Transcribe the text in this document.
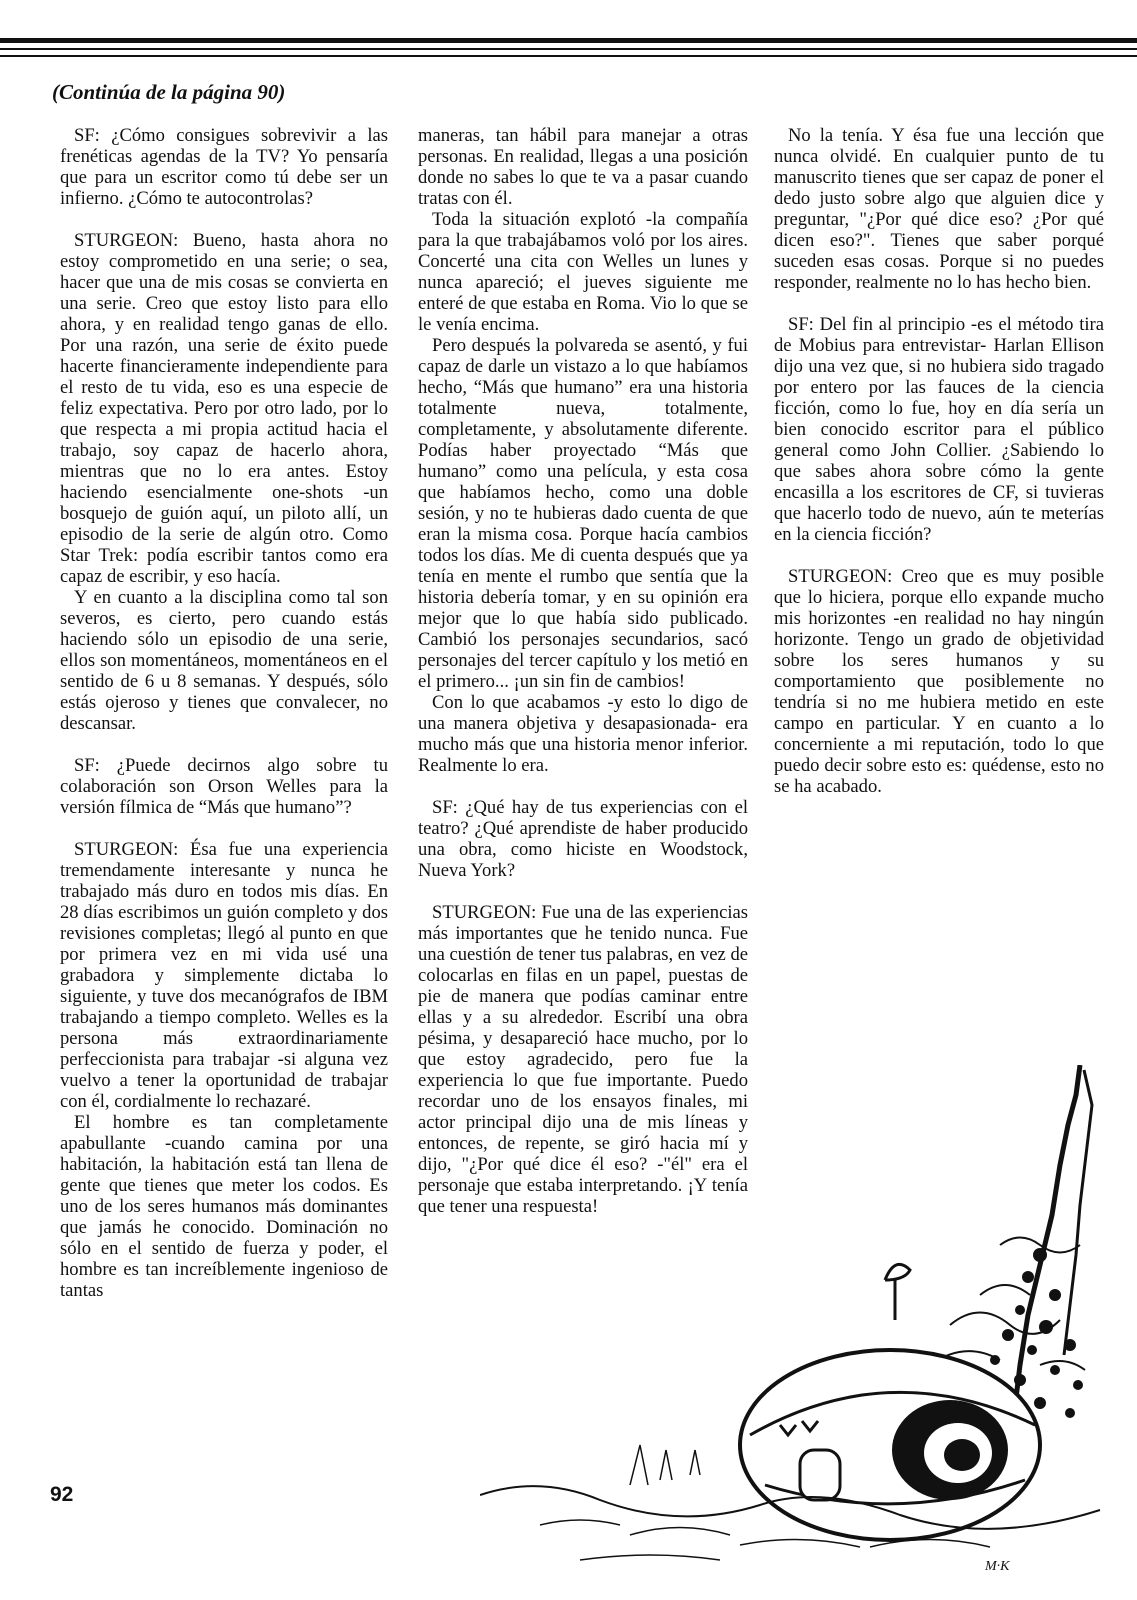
(Continúa de la página 90)

SF: ¿Cómo consigues sobrevivir a las frenéticas agendas de la TV? Yo pensaría que para un escritor como tú debe ser un infierno. ¿Cómo te autocontrolas?

STURGEON: Bueno, hasta ahora no estoy comprometido en una serie; o sea, hacer que una de mis cosas se convierta en una serie. Creo que estoy listo para ello ahora, y en realidad tengo ganas de ello. Por una razón, una serie de éxito puede hacerte financieramente independiente para el resto de tu vida, eso es una especie de feliz expectativa. Pero por otro lado, por lo que respecta a mi propia actitud hacia el trabajo, soy capaz de hacerlo ahora, mientras que no lo era antes. Estoy haciendo esencialmente one-shots -un bosquejo de guión aquí, un piloto allí, un episodio de la serie de algún otro. Como Star Trek: podía escribir tantos como era capaz de escribir, y eso hacía.

Y en cuanto a la disciplina como tal son severos, es cierto, pero cuando estás haciendo sólo un episodio de una serie, ellos son momentáneos, momentáneos en el sentido de 6 u 8 semanas. Y después, sólo estás ojeroso y tienes que convalecer, no descansar.

SF: ¿Puede decirnos algo sobre tu colaboración son Orson Welles para la versión fílmica de “Más que humano”?

STURGEON: Ésa fue una experiencia tremendamente interesante y nunca he trabajado más duro en todos mis días. En 28 días escribimos un guión completo y dos revisiones completas; llegó al punto en que por primera vez en mi vida usé una grabadora y simplemente dictaba lo siguiente, y tuve dos mecanógrafos de IBM trabajando a tiempo completo. Welles es la persona más extraordinariamente perfeccionista para trabajar -si alguna vez vuelvo a tener la oportunidad de trabajar con él, cordialmente lo rechazaré.

El hombre es tan completamente apabullante -cuando camina por una habitación, la habitación está tan llena de gente que tienes que meter los codos. Es uno de los seres humanos más dominantes que jamás he conocido. Dominación no sólo en el sentido de fuerza y poder, el hombre es tan increíblemente ingenioso de tantas

maneras, tan hábil para manejar a otras personas. En realidad, llegas a una posición donde no sabes lo que te va a pasar cuando tratas con él.

Toda la situación explotó -la compañía para la que trabajábamos voló por los aires. Concerté una cita con Welles un lunes y nunca apareció; el jueves siguiente me enteré de que estaba en Roma. Vio lo que se le venía encima.

Pero después la polvareda se asentó, y fui capaz de darle un vistazo a lo que habíamos hecho, “Más que humano” era una historia totalmente nueva, totalmente, completamente, y absolutamente diferente. Podías haber proyectado “Más que humano” como una película, y esta cosa que habíamos hecho, como una doble sesión, y no te hubieras dado cuenta de que eran la misma cosa. Porque hacía cambios todos los días. Me di cuenta después que ya tenía en mente el rumbo que sentía que la historia debería tomar, y en su opinión era mejor que lo que había sido publicado. Cambió los personajes secundarios, sacó personajes del tercer capítulo y los metió en el primero... ¡un sin fin de cambios!

Con lo que acabamos -y esto lo digo de una manera objetiva y desapasionada- era mucho más que una historia menor inferior. Realmente lo era.

SF: ¿Qué hay de tus experiencias con el teatro? ¿Qué aprendiste de haber producido una obra, como hiciste en Woodstock, Nueva York?

STURGEON: Fue una de las experiencias más importantes que he tenido nunca. Fue una cuestión de tener tus palabras, en vez de colocarlas en filas en un papel, puestas de pie de manera que podías caminar entre ellas y a su alrededor. Escribí una obra pésima, y desapareció hace mucho, por lo que estoy agradecido, pero fue la experiencia lo que fue importante. Puedo recordar uno de los ensayos finales, mi actor principal dijo una de mis líneas y entonces, de repente, se giró hacia mí y dijo, "¿Por qué dice él eso? -"él" era el personaje que estaba interpretando. ¡Y tenía que tener una respuesta!

No la tenía. Y ésa fue una lección que nunca olvidé. En cualquier punto de tu manuscrito tienes que ser capaz de poner el dedo justo sobre algo que alguien dice y preguntar, "¿Por qué dice eso? ¿Por qué dicen eso?". Tienes que saber porqué suceden esas cosas. Porque si no puedes responder, realmente no lo has hecho bien.

SF: Del fin al principio -es el método tira de Mobius para entrevistar- Harlan Ellison dijo una vez que, si no hubiera sido tragado por entero por las fauces de la ciencia ficción, como lo fue, hoy en día sería un bien conocido escritor para el público general como John Collier. ¿Sabiendo lo que sabes ahora sobre cómo la gente encasilla a los escritores de CF, si tuvieras que hacerlo todo de nuevo, aún te meterías en la ciencia ficción?

STURGEON: Creo que es muy posible que lo hiciera, porque ello expande mucho mis horizontes -en realidad no hay ningún horizonte. Tengo un grado de objetividad sobre los seres humanos y su comportamiento que posiblemente no tendría si no me hubiera metido en este campo en particular. Y en cuanto a lo concerniente a mi reputación, todo lo que puedo decir sobre esto es: quédense, esto no se ha acabado.

M·K
92
